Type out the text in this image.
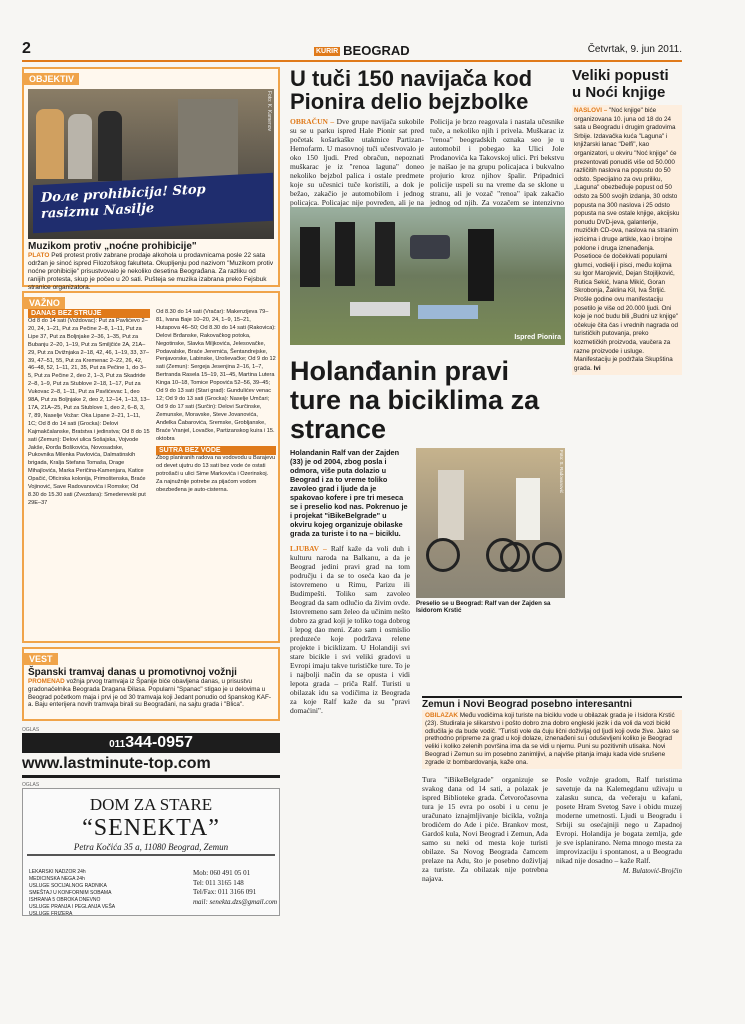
2	KURIR BEOGRAD	Četvrtak, 9. jun 2011.
OBJEKTIV
Doле prohibicija! Stop rasizmu Nasilje
Foto: K. Kamenov
Muzikom protiv „noćne prohibicije"
PLATO Peti protest protiv zabrane prodaje alkohola u prodavnicama posle 22 sata održan je sinoć ispred Filozofskog fakulteta. Okupljenju pod nazivom "Muzikom protiv noćne prohibicije" prisustvovalo je nekoliko desetina Beograđana. Za razliku od ranijih protesta, skup je počeo u 20 sati. Pušteja se muzika izabrana preko Fejsbuk stranice organizatora.
VAŽNO
DANAS BEZ STRUJE
Od 8 do 14 sati (Voždovac): Put za Pavlićevo 2–20, 24, 1–21, Put za Pečine 2–8, 1–11, Put za Lipe 37, Put za Boljnjake 2–36, 1–35, Put za Bubanju 2–20, 1–19, Put za Smiljčiće 2A, 21A–29, Put za Dvižnjaka 2–18, 42, 46, 1–19, 33, 37–39, 47–51, 55, Put za Kremenac 2–22, 26, 42, 46–48, 52, 1–11, 21, 35, Put za Pečine 1, do 3–5, Put za Pečine 2, deo 2, 1–3, Put za Skadride 2–8, 1–9, Put za Stublove 2–18, 1–17, Put za Vukovac 2–8, 1–11, Put za Pavlićevac 1, deo 98A, Put za Boljnjake 2, deo 2, 12–14, 1–13, 13–17A, 21A–25, Put za Stublove 1, deo 2, 6–8, 3, 7, 89, Naselje Vožar: Oka Lipane 2–21, 1–11, 1C; Od 8 do 14 sati (Grocka): Delovi Kajmakčalanske, Bratstva i jedinstva; Od 8 do 15 sati (Zemun): Delovi ulica Sošajska, Vojvode Jakše, Đorđa Boškovića, Novosadske, Pukovnika Milenka Pavlovića, Dalmatinskih brigada, Kralja Stefana Tomaša, Drage Mihajlovića, Marka Peričina-Kamenjara, Katice Opačić, Oficirska kolonija, Primoštenska, Braće Vojinović, Save Radovanovića i Romske; Od 8.30 do 15.30 sati (Zvezdara): Smederevski put 29E–37
Od 8.30 do 14 sati (Vračar): Makenzijeva 79–81, Ivana Baje 10–20, 24, 1–9, 15–21, Hutapova 46–50; Od 8.30 do 14 sati (Rakovica): Delovi Brđanske, Rakovačkog potoka, Negotinske, Slavka Miljkovića, Jelesovačke, Podavalske, Braće Jeremića, Šentandrejske, Penjavorske, Labinske, Uroševačke; Od 9 do 12 sati (Zemun): Sergeja Jesenjina 2–16, 1–7, Bertranda Rasela 15–19, 31–45, Martina Lutera Kinga 10–18, Tomice Popovića 52–56, 39–45; Od 9 do 13 sati (Stari grad): Gundulićev venac 12; Od 9 do 13 sati (Grocka): Naselje Umčari; Od 9 do 17 sati (Surčin): Delovi Surčinske, Zemunske, Moravske, Steve Jovanovića, Anđelka Čabarovića, Sremske, Grobljanske, Braće Vranjel, Lovačke, Partizanskog kuira i 15. oktobra
SUTRA BEZ VODE
Zbog planiranih radova na vodovodu u Barajevu od devet ujutru do 13 sati bez vode će ostati potrošači u ulici Sime Markovića i Ozerinskoj. Za najnužnije potrebe za pijaćom vodom obezbeđena je auto-cisterna.
VEST
Španski tramvaj danas u promotivnoj vožnji
PROMENAD vožnja prvog tramvaja iz Španije biće obavljena danas, u prisustvu gradonačelnika Beograda Dragana Đilasa. Popularni "Spanac" stigao je u delovima u Beograd početkom maja i prvi je od 30 tramvaja koji Jedant ponudio od španskog KAF-a. Baju enterijera novih tramvaja birali su Beograđani, na sajtu grada i "Blica".
OGLAS
011344-0957
www.lastminute-top.com
OGLAS
DOM ZA STARE
“SENEKTA”
Petra Kočića 35 a, 11080 Beograd, Zemun
LEKARSKI NADZOR 24h
MEDICINSKA NEGA 24h
USLUGE SOCIJALNOG RADNIKA
SMEŠTAJ U KONFORNIM SOBAMA
ISHRANA 5 OBROKA DNEVNO
USLUGE PRANJA I PEGLANJA VEŠA
USLUGE FRIZERA
Mob: 060 491 05 01
Tel: 011 3165 148
Tel/Fax: 011 3166 091
mail: senekta.dzs@gmail.com
U tuči 150 navijača kod Pionira delio bejzbolke
OBRAČUN – Dve grupe navijača sukobile su se u parku ispred Hale Pionir sat pred početak košarkaške utakmice Partizan-Hemofarm. U masovnoj tuči učestvovalo je oko 150 ljudi. Pred obračun, nepoznati muškarac je iz "renoa laguna" doneo nekoliko bejzbol palica i ostale predmete koje su učesnici tuče koristili, a dok je bežao, zakačio je automobilom i jednog policajca. Policajac nije povređen, ali je na
Policija je brzo reagovala i nastala učesnike tuče, a nekoliko njih i privela. Muškarac iz "renoa" beogradskih oznaka seo je u automobil i pobegao ka Ulici Jole Prodanovića ka Takovskoj ulici. Pri bekstvu je naišao je na grupu policajaca i bukvalno projurio kroz njihov špalir. Pripadnici policije uspeli su na vreme da se sklone u stranu, ali je vozač "renoa" ipak zakačio jednog od njih. Za vozačem se intenzivno
Ispred Pionira
Holanđanin pravi ture na biciklima za strance
Holandanin Ralf van der Zajden (33) je od 2004, zbog posla i odmora, više puta dolazio u Beograd i za to vreme toliko zavoleo grad i ljude da je spakovao kofere i pre tri meseca se i preselio kod nas. Pokrenuo je i projekat "iBikeBelgrade" u okviru kojeg organizuje obilaske grada za turiste i to na – biciklu.
LJUBAV – Ralf kaže da voli duh i kulturu naroda na Balkanu, a da je Beograd jedini pravi grad na tom području i da se to oseća kao da je istovremeno u Rimu, Parizu ili Budimpešti. Toliko sam zavoleo Beograd da sam odlučio da živim ovde. Istovremeno sam želeo da učinim nešto dobro za grad koji je toliko toga dobrog i lepog dao meni. Zato sam i osmislio preduzeće koje podržava relene projekte i biciklizam. U Holandiji svi stare bicikle i svi veliki gradovi u Evropi imaju takve turističke ture. To je i najbolji način da se opusta i vidi lepota grada – priča Ralf. Turisti u obilazak idu sa vodičima iz Beograda za koje Ralf kaže da su "pravi domaćini".
Foto: S. Radovanović
Preselio se u Beograd: Ralf van der Zajden sa Isidorom Krstić
Zemun i Novi Beograd posebno interesantni
OBILAZAK Među vodičima koji turiste na biciklu vode u obilazak grada je i Isidora Krstić (23). Studirala je slikarstvo i pošto dobro zna dobro engleski jezik i da voli da vozi bicikl odlučila je da bude vodič. "Turisti vole da čuju lični doživljaj od ljudi koji ovde žive. Jako se prethodno pripreme za grad u koji dolaze, iznenađeni su i oduševljeni koliko je Beograd veliki i koliko zelenih površina ima da se vidi u njemu. Puni su pozitivnih utisaka. Novi Beograd i Zemun su im posebno zanimljivi, a najviše pitanja imaju kada vide srušene zgrade iz bombardovanja, kaže ona.
Tura "iBikeBelgrade" organizuje se svakog dana od 14 sati, a polazak je ispred Biblioteke grada. Četvoročasovna tura je 15 evra po osobi i u cenu je uračunato iznajmljivanje bicikla, vožnja brodićem do Ade i piće. Brankov most, Gardoš kula, Novi Beograd i Zemun, Ada samo su neki od mesta koje turisti obilaze. Sa Novog Beograda čamcem prelaze na Adu, što je posebno doživljaj za turiste. Za obilazak nije potrebna najava.
Posle vožnje gradom, Ralf turistima savetuje da na Kalemegdanu uživaju u zalasku sunca, da večeraju u kafani, posete Hram Svetog Save i obidu muzej moderne umetnosti. Ljudi u Beogradu i Srbiji su osećajniji nego u Zapadnoj Evropi. Holandija je bogata zemlja, gde je sve isplanirano. Nema mnogo mesta za improvizaciju i spontanost, a u Beogradu nikad nije dosadno – kaže Ralf.
M. Bulatović-Brojčin
Veliki popusti u Noći knjige
NASLOVI – "Noć knjige" biće organizovana 10. juna od 18 do 24 sata u Beogradu i drugim gradovima Srbije. Izdavačka kuća "Laguna" i knjižarski lanac "Delfi", kao organizatori, u okviru "Noć knjige" će prezentovati ponudiš više od 50.000 različitih naslova na popustu do 50 odsto. Specijalno za ovu priliku, „Laguna" obezbeđuje popust od 50 odsto za 500 svojih izdanja, 30 odsto popusta na 300 naslova i 25 odsto popusta na sve ostale knjige, akcijsku ponudu DVD-jeva, galanterije, muzičkih CD-ova, naslova na stranim jezicima i druge artikle, kao i brojne poklone i druga iznenađenja. Posetioce će dočekivati popularni glumci, vodielji i pisci, među kojima su Igor Marojević, Dejan Stojiljković, Rutica Sekić, Ivana Mikić, Goran Skrobonja, Žaklina Kil, Iva Štrljić. Prošle godine ovu manifestaciju posetilo je više od 20.000 ljudi. Oni koje je noć budu bili „Budni uz knjige" očekuje čita čas i vrednih nagrada od turističkih putovanja, preko kozmetičkih proizvoda, vaučera za razne proizvode i usluge. Manifestaciju je podržala Skupština grada. Ivi
